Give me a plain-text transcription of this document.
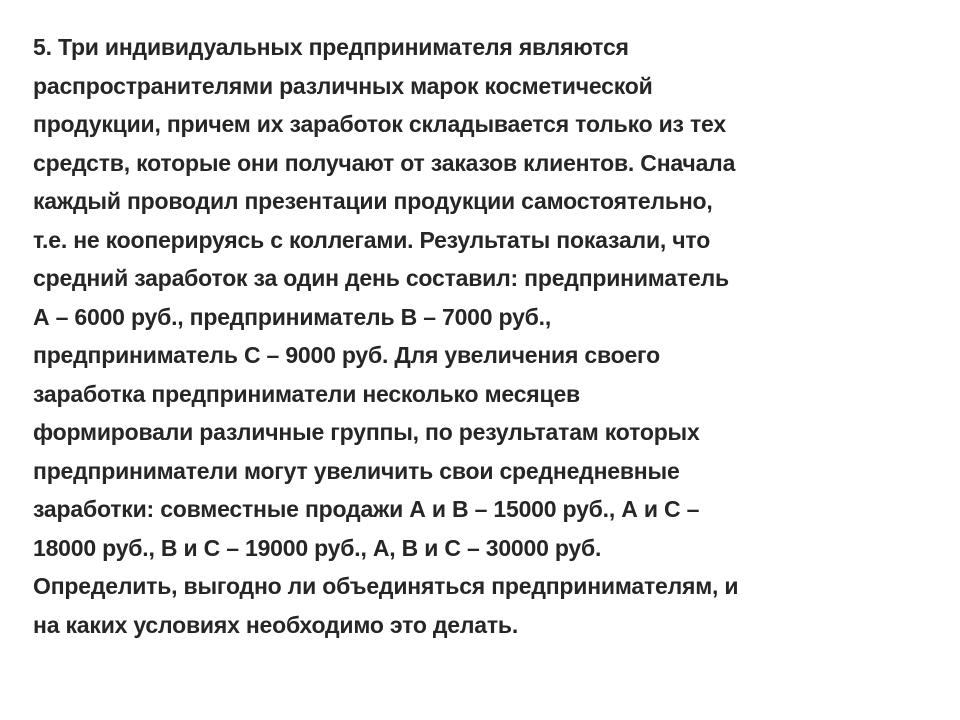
5. Три индивидуальных предпринимателя являются
распространителями различных марок косметической
продукции, причем их заработок складывается только из тех
средств, которые они получают от заказов клиентов. Сначала
каждый проводил презентации продукции самостоятельно,
т.е. не кооперируясь с коллегами. Результаты показали, что
средний заработок за один день составил: предприниматель
А – 6000 руб., предприниматель В – 7000 руб.,
предприниматель С – 9000 руб. Для увеличения своего
заработка предприниматели несколько месяцев
формировали различные группы, по результатам которых
предприниматели могут увеличить свои среднедневные
заработки: совместные продажи А и В – 15000 руб., А и С –
18000 руб., В и С – 19000 руб., А, В и С – 30000 руб.
Определить, выгодно ли объединяться предпринимателям, и
на каких условиях необходимо это делать.
